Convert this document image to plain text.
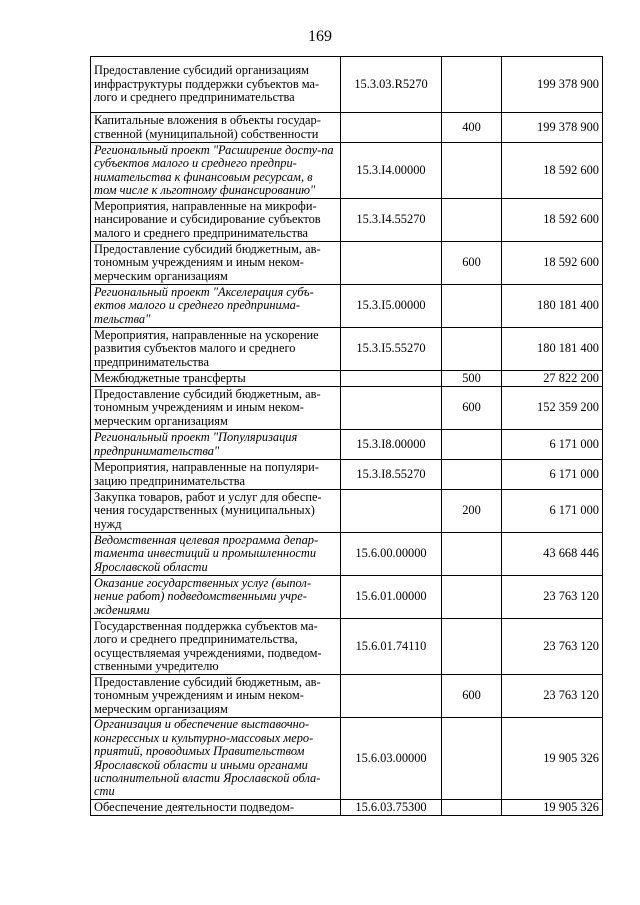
169
Предоставление субсидий организациям инфраструктуры поддержки субъектов ма-лого и среднего предпринимательства	15.3.03.R5270		199 378 900
Капитальные вложения в объекты государ-ственной (муниципальной) собственности		400	199 378 900
Региональный проект "Расширение досту-па субъектов малого и среднего предпри-нимательства к финансовым ресурсам, в том числе к льготному финансированию"	15.3.I4.00000		18 592 600
Мероприятия, направленные на микрофи-нансирование и субсидирование субъектов малого и среднего предпринимательства	15.3.I4.55270		18 592 600
Предоставление субсидий бюджетным, ав-тономным учреждениям и иным неком-мерческим организациям		600	18 592 600
Региональный проект "Акселерация субъ-ектов малого и среднего предпринима-тельства"	15.3.I5.00000		180 181 400
Мероприятия, направленные на ускорение развития субъектов малого и среднего предпринимательства	15.3.I5.55270		180 181 400
Межбюджетные трансферты		500	27 822 200
Предоставление субсидий бюджетным, ав-тономным учреждениям и иным неком-мерческим организациям		600	152 359 200
Региональный проект "Популяризация предпринимательства"	15.3.I8.00000		6 171 000
Мероприятия, направленные на популяри-зацию предпринимательства	15.3.I8.55270		6 171 000
Закупка товаров, работ и услуг для обеспе-чения государственных (муниципальных) нужд		200	6 171 000
Ведомственная целевая программа депар-тамента инвестиций и промышленности Ярославской области	15.6.00.00000		43 668 446
Оказание государственных услуг (выпол-нение работ) подведомственными учре-ждениями	15.6.01.00000		23 763 120
Государственная поддержка субъектов ма-лого и среднего предпринимательства, осуществляемая учреждениями, подведом-ственными учредителю	15.6.01.74110		23 763 120
Предоставление субсидий бюджетным, ав-тономным учреждениям и иным неком-мерческим организациям		600	23 763 120
Организация и обеспечение выставочно-конгрессных и культурно-массовых меро-приятий, проводимых Правительством Ярославской области и иными органами исполнительной власти Ярославской обла-сти	15.6.03.00000		19 905 326
Обеспечение деятельности подведом-	15.6.03.75300		19 905 326
